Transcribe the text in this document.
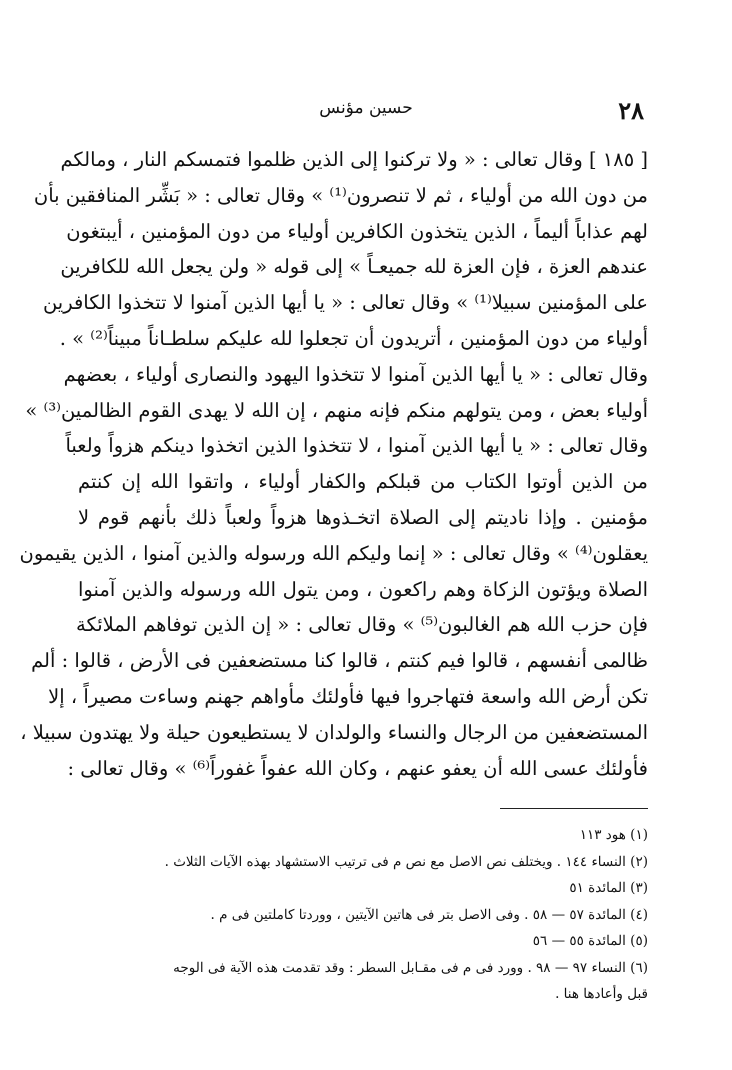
٢٨
حسين مؤنس
[ ١٨٥ ] وقال تعالى : « ولا تركنوا إلى الذين ظلموا فتمسكم النار ، ومالكم
من دون الله من أولياء ، ثم لا تنصرون⁽¹⁾ » وقال تعالى : « بَشِّر المنافقين بأن
لهم عذاباً أليماً ، الذين يتخذون الكافرين أولياء من دون المؤمنين ، أيبتغون
عندهم العزة ، فإن العزة لله جميعـاً » إلى قوله « ولن يجعل الله للكافرين
على المؤمنين سبيلا⁽¹⁾ » وقال تعالى : « يا أيها الذين آمنوا لا تتخذوا الكافرين
أولياء من دون المؤمنين ، أتريدون أن تجعلوا لله عليكم سلطـاناً مبيناً⁽²⁾ » .
وقال تعالى : « يا أيها الذين آمنوا لا تتخذوا اليهود والنصارى أولياء ، بعضهم
أولياء بعض ، ومن يتولهم منكم فإنه منهم ، إن الله لا يهدى القوم الظالمين⁽³⁾ »
وقال تعالى : « يا أيها الذين آمنوا ، لا تتخذوا الذين اتخذوا دينكم هزواً ولعباً
من الذين أوتوا الكتاب من قبلكم والكفار أولياء ، واتقوا الله إن كنتم
مؤمنين . وإذا ناديتم إلى الصلاة اتخـذوها هزواً ولعباً ذلك بأنهم قوم لا
يعقلون⁽⁴⁾ » وقال تعالى : « إنما وليكم الله ورسوله والذين آمنوا ، الذين يقيمون
الصلاة ويؤتون الزكاة وهم راكعون ، ومن يتول الله ورسوله والذين آمنوا
فإن حزب الله هم الغالبون⁽⁵⁾ » وقال تعالى : « إن الذين توفاهم الملائكة
ظالمى أنفسهم ، قالوا فيم كنتم ، قالوا كنا مستضعفين فى الأرض ، قالوا : ألم
تكن أرض الله واسعة فتهاجروا فيها فأولئك مأواهم جهنم وساءت مصيراً ، إلا
المستضعفين من الرجال والنساء والولدان لا يستطيعون حيلة ولا يهتدون سبيلا ،
فأولئك عسى الله أن يعفو عنهم ، وكان الله عفواً غفوراً⁽⁶⁾ » وقال تعالى :
(١) هود ١١٣
(٢) النساء ١٤٤ . ويختلف نص الاصل مع نص م فى ترتيب الاستشهاد بهذه الآيات الثلاث .
(٣) المائدة ٥١
(٤) المائدة ٥٧ — ٥٨ . وفى الاصل بتر فى هاتين الآيتين ، ووردتا كاملتين فى م .
(٥) المائدة ٥٥ — ٥٦
(٦) النساء ٩٧ — ٩٨ . وورد فى م فى مقـابل السطر : وقد تقدمت هذه الآية فى الوجه
قبل وأعادها هنا .
